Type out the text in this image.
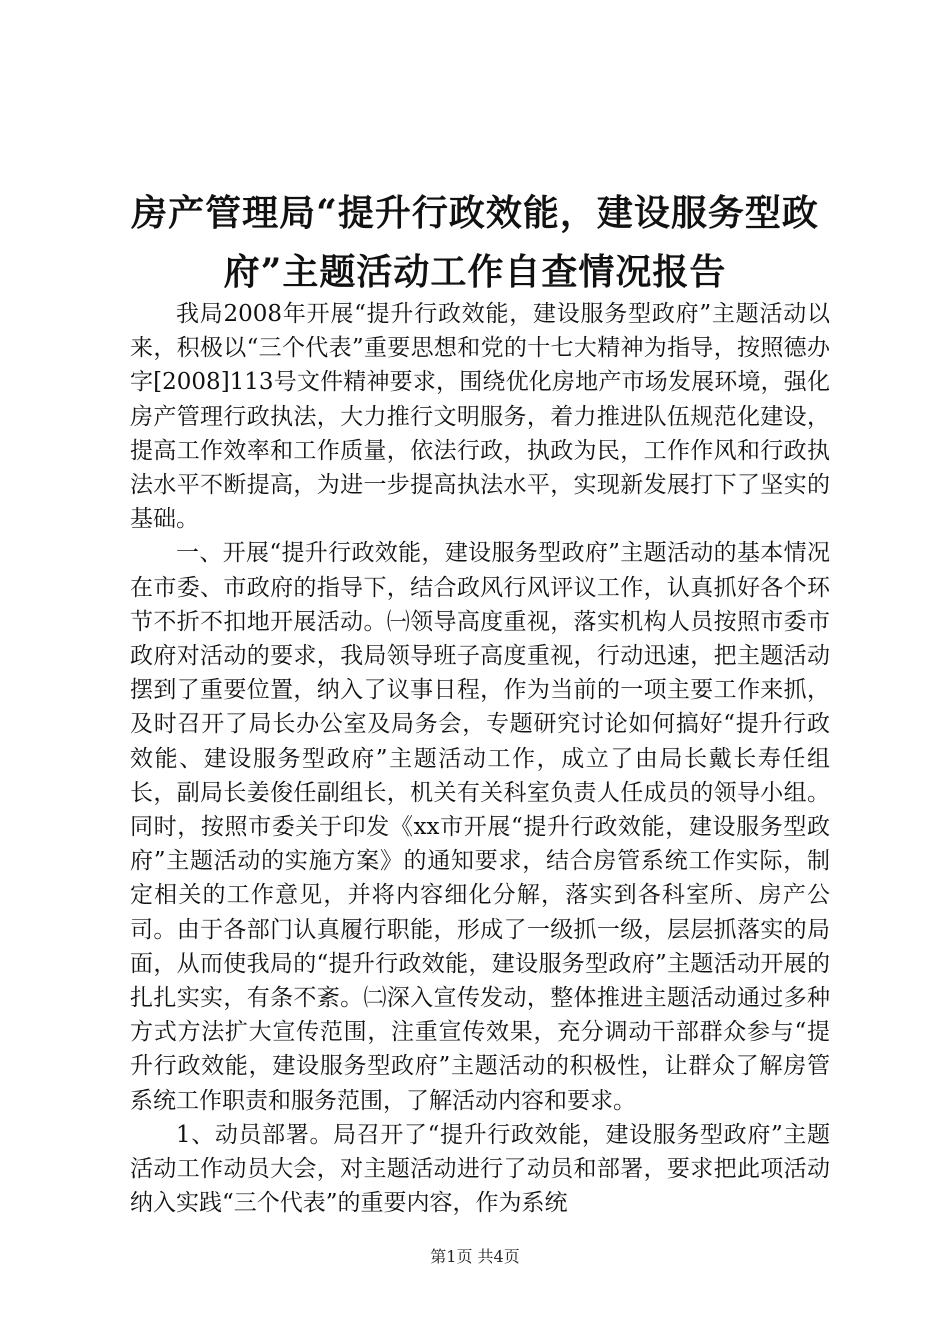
房产管理局“提升行政效能，建设服务型政
府”主题活动工作自查情况报告

我局2008年开展“提升行政效能，建设服务型政府”主题活动以来，积极以“三个代表”重要思想和党的十七大精神为指导，按照德办字[2008]113号文件精神要求，围绕优化房地产市场发展环境，强化房产管理行政执法，大力推行文明服务，着力推进队伍规范化建设，提高工作效率和工作质量，依法行政，执政为民，工作作风和行政执法水平不断提高，为进一步提高执法水平，实现新发展打下了坚实的基础。

一、开展“提升行政效能，建设服务型政府”主题活动的基本情况在市委、市政府的指导下，结合政风行风评议工作，认真抓好各个环节不折不扣地开展活动。㈠领导高度重视，落实机构人员按照市委市政府对活动的要求，我局领导班子高度重视，行动迅速，把主题活动摆到了重要位置，纳入了议事日程，作为当前的一项主要工作来抓，及时召开了局长办公室及局务会，专题研究讨论如何搞好“提升行政效能、建设服务型政府”主题活动工作，成立了由局长戴长寿任组长，副局长姜俊任副组长，机关有关科室负责人任成员的领导小组。同时，按照市委关于印发《xx市开展“提升行政效能，建设服务型政府”主题活动的实施方案》的通知要求，结合房管系统工作实际，制定相关的工作意见，并将内容细化分解，落实到各科室所、房产公司。由于各部门认真履行职能，形成了一级抓一级，层层抓落实的局面，从而使我局的“提升行政效能，建设服务型政府”主题活动开展的扎扎实实，有条不紊。㈡深入宣传发动，整体推进主题活动通过多种方式方法扩大宣传范围，注重宣传效果，充分调动干部群众参与“提升行政效能，建设服务型政府”主题活动的积极性，让群众了解房管系统工作职责和服务范围，了解活动内容和要求。

1、动员部署。局召开了“提升行政效能，建设服务型政府”主题活动工作动员大会，对主题活动进行了动员和部署，要求把此项活动纳入实践“三个代表”的重要内容，作为系统

第1页 共4页
